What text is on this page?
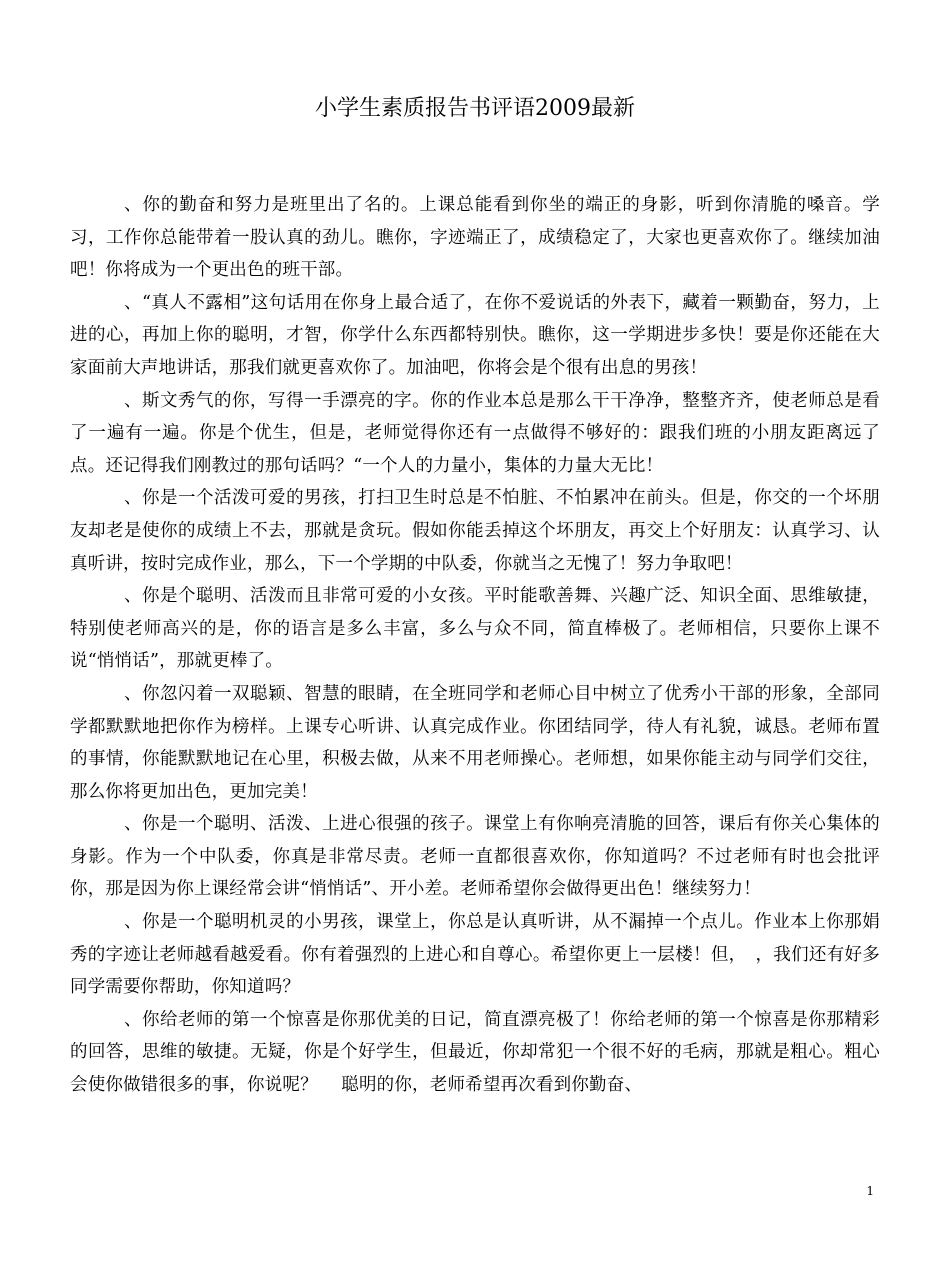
小学生素质报告书评语2009最新

、你的勤奋和努力是班里出了名的。上课总能看到你坐的端正的身影，听到你清脆的嗓音。学习，工作你总能带着一股认真的劲儿。瞧你，字迹端正了，成绩稳定了，大家也更喜欢你了。继续加油吧！你将成为一个更出色的班干部。

、“真人不露相”这句话用在你身上最合适了，在你不爱说话的外表下，藏着一颗勤奋，努力，上进的心，再加上你的聪明，才智，你学什么东西都特别快。瞧你，这一学期进步多快！要是你还能在大家面前大声地讲话，那我们就更喜欢你了。加油吧，你将会是个很有出息的男孩！

、斯文秀气的你，写得一手漂亮的字。你的作业本总是那么干干净净，整整齐齐，使老师总是看了一遍有一遍。你是个优生，但是，老师觉得你还有一点做得不够好的：跟我们班的小朋友距离远了点。还记得我们刚教过的那句话吗？“一个人的力量小，集体的力量大无比！

、你是一个活泼可爱的男孩，打扫卫生时总是不怕脏、不怕累冲在前头。但是，你交的一个坏朋友却老是使你的成绩上不去，那就是贪玩。假如你能丢掉这个坏朋友，再交上个好朋友：认真学习、认真听讲，按时完成作业，那么，下一个学期的中队委，你就当之无愧了！努力争取吧！

、你是个聪明、活泼而且非常可爱的小女孩。平时能歌善舞、兴趣广泛、知识全面、思维敏捷，特别使老师高兴的是，你的语言是多么丰富，多么与众不同，简直棒极了。老师相信，只要你上课不说“悄悄话”，那就更棒了。

、你忽闪着一双聪颖、智慧的眼睛，在全班同学和老师心目中树立了优秀小干部的形象，全部同学都默默地把你作为榜样。上课专心听讲、认真完成作业。你团结同学，待人有礼貌，诚恳。老师布置的事情，你能默默地记在心里，积极去做，从来不用老师操心。老师想，如果你能主动与同学们交往，那么你将更加出色，更加完美！

、你是一个聪明、活泼、上进心很强的孩子。课堂上有你响亮清脆的回答，课后有你关心集体的身影。作为一个中队委，你真是非常尽责。老师一直都很喜欢你，你知道吗？不过老师有时也会批评你，那是因为你上课经常会讲“悄悄话”、开小差。老师希望你会做得更出色！继续努力！

、你是一个聪明机灵的小男孩，课堂上，你总是认真听讲，从不漏掉一个点儿。作业本上你那娟秀的字迹让老师越看越爱看。你有着强烈的上进心和自尊心。希望你更上一层楼！但，　，我们还有好多同学需要你帮助，你知道吗？

、你给老师的第一个惊喜是你那优美的日记，简直漂亮极了！你给老师的第一个惊喜是你那精彩的回答，思维的敏捷。无疑，你是个好学生，但最近，你却常犯一个很不好的毛病，那就是粗心。粗心会使你做错很多的事，你说呢？　 聪明的你，老师希望再次看到你勤奋、

1
